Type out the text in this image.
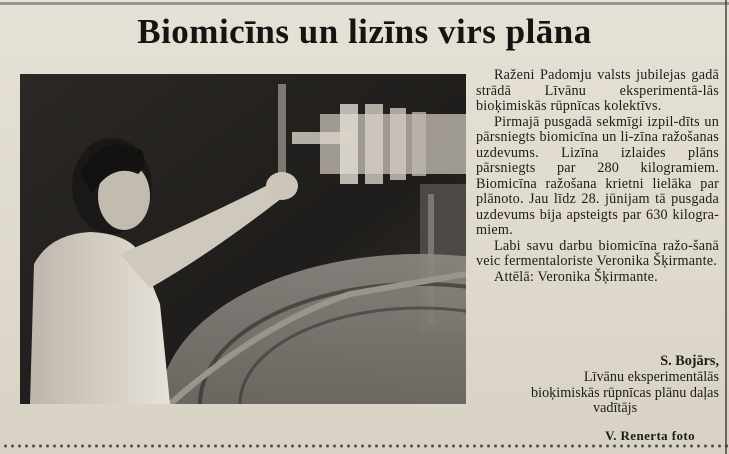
Biomicīns un lizīns virs plāna

Raženi Padomju valsts jubilejas gadā strādā Līvānu eksperimentā-lās bioķimiskās rūpnīcas kolektīvs.

Pirmajā pusgadā sekmīgi izpil-dīts un pārsniegts biomicīna un li-zīna ražošanas uzdevums. Lizīna izlaides plāns pārsniegts par 280 kilogramiem. Biomicīna ražošana krietni lielāka par plānoto. Jau līdz 28. jūnijam tā pusgada uzdevums bija apsteigts par 630 kilogra-miem.

Labi savu darbu biomicīna ražo-šanā veic fermentaloriste Veronika Šķirmante.

Attēlā: Veronika Šķirmante.

S. Bojārs,
Līvānu eksperimentālās
bioķimiskās rūpnīcas plānu daļas
vadītājs
V. Renerta foto
